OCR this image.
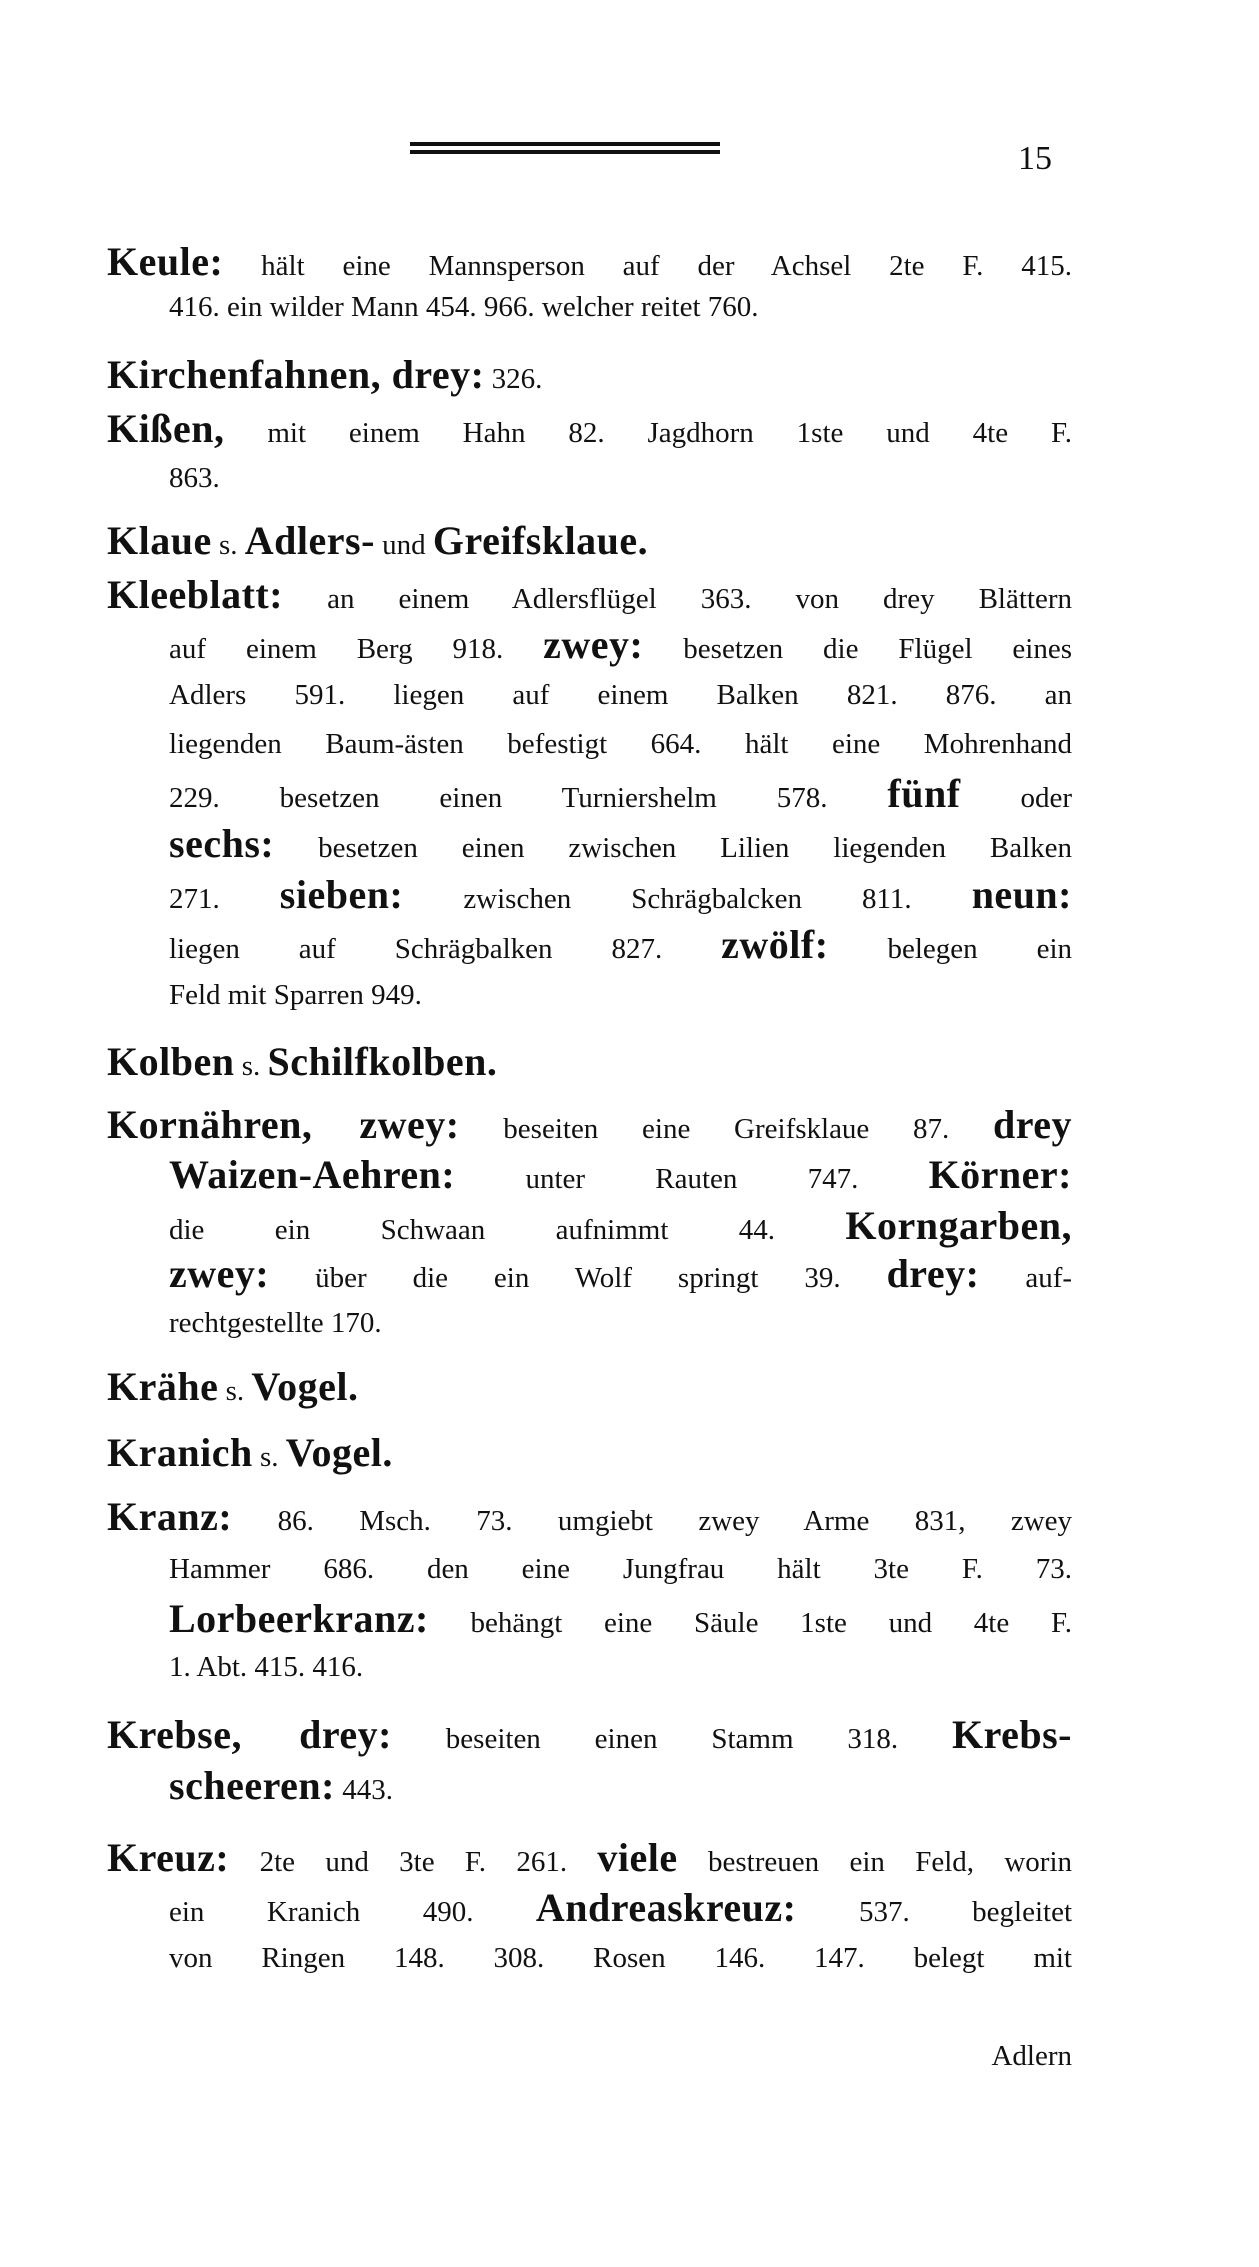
15
Keule: hält eine Mannsperson auf der Achsel 2te F. 415.
416. ein wilder Mann 454. 966. welcher reitet 760.
Kirchenfahnen, drey: 326.
Kißen, mit einem Hahn 82. Jagdhorn 1ste und 4te F.
863.
Klaue s. Adlers- und Greifsklaue.
Kleeblatt: an einem Adlersflügel 363. von drey Blättern
auf einem Berg 918. zwey: besetzen die Flügel eines
Adlers 591. liegen auf einem Balken 821. 876. an
liegenden Baum-ästen befestigt 664. hält eine Mohrenhand
229. besetzen einen Turniershelm 578. fünf oder
sechs: besetzen einen zwischen Lilien liegenden Balken
271. sieben: zwischen Schrägbalcken 811. neun:
liegen auf Schrägbalken 827. zwölf: belegen ein
Feld mit Sparren 949.
Kolben s. Schilfkolben.
Kornähren, zwey: beseiten eine Greifsklaue 87. drey
Waizen-Aehren: unter Rauten 747. Körner:
die ein Schwaan aufnimmt 44. Korngarben,
zwey: über die ein Wolf springt 39. drey: auf-
rechtgestellte 170.
Krähe s. Vogel.
Kranich s. Vogel.
Kranz: 86. Msch. 73. umgiebt zwey Arme 831, zwey
Hammer 686. den eine Jungfrau hält 3te F. 73.
Lorbeerkranz: behängt eine Säule 1ste und 4te F.
1. Abt. 415. 416.
Krebse, drey: beseiten einen Stamm 318. Krebs-
scheeren: 443.
Kreuz: 2te und 3te F. 261. viele bestreuen ein Feld, worin
ein Kranich 490. Andreaskreuz: 537. begleitet
von Ringen 148. 308. Rosen 146. 147. belegt mit
Adlern
